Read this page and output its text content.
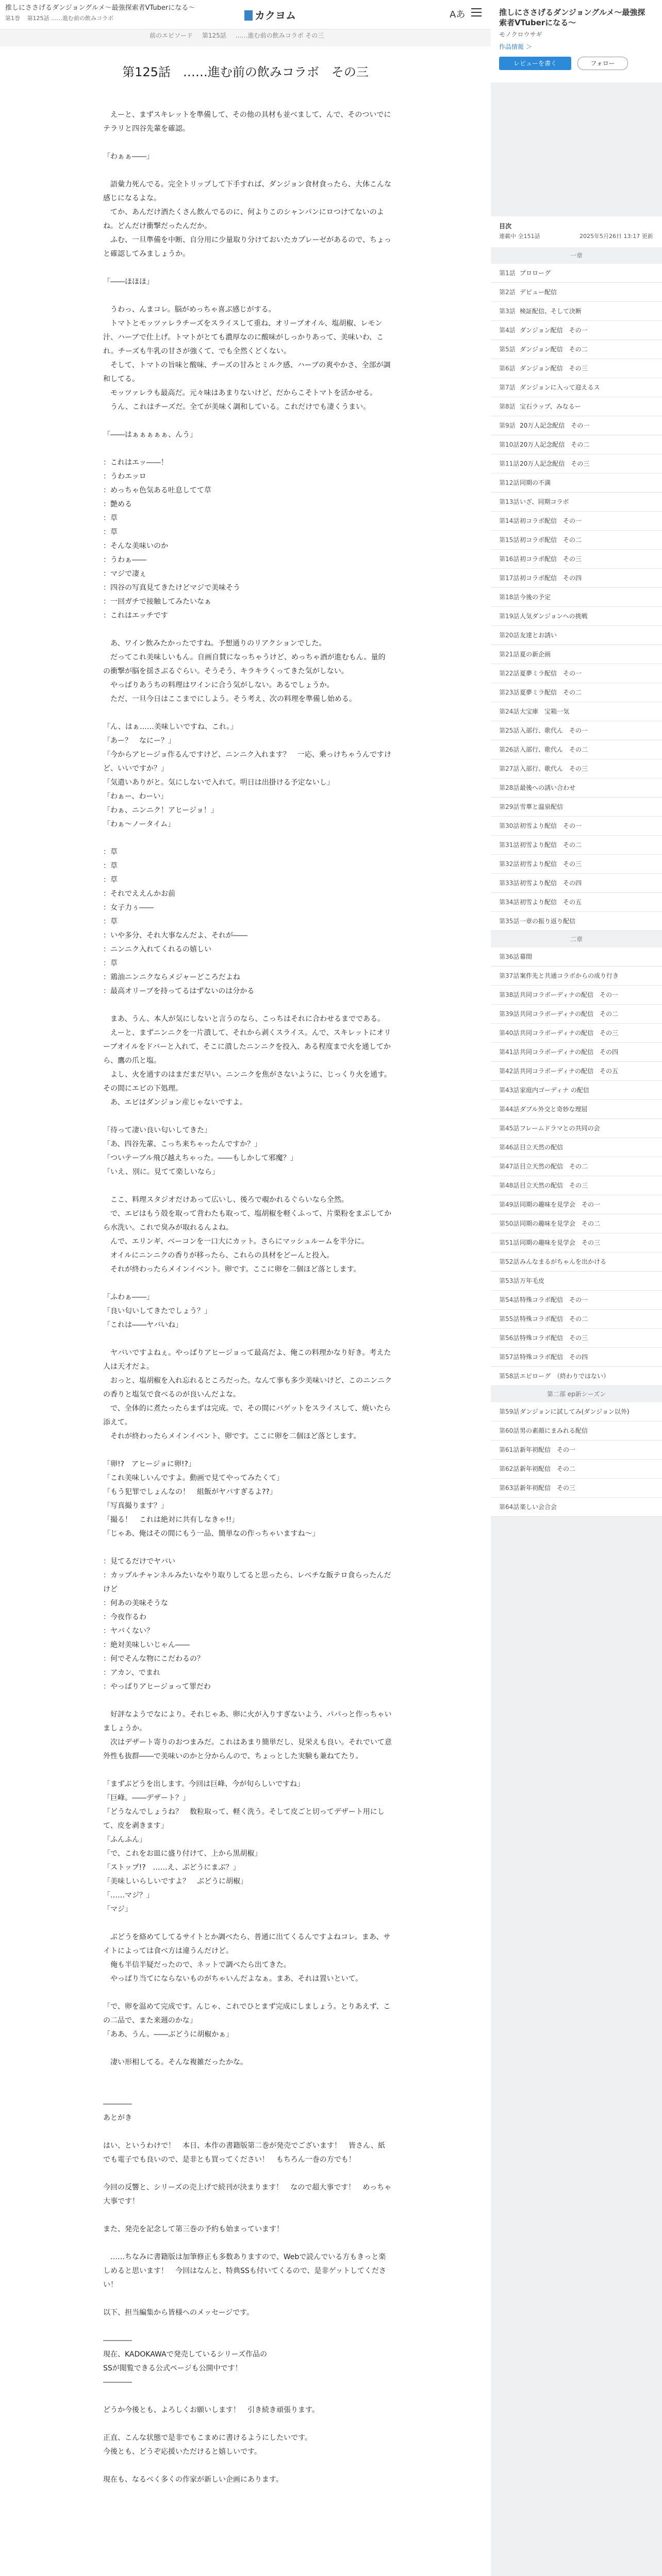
推しにささげるダンジョングルメ～最強探索者VTuberになる～
第1巻 第125話 ……進む前の飲みコラボ	カクヨム	Aあ
前のエピソード 第125話 ……進む前の飲みコラボ その三
第125話　……進む前の飲みコラボ　その三

　えーと、まずスキレットを準備して、その他の具材も並べまして、んで、そのついでにテラリと四谷先輩を確認。

「わぁぁ――」

　語彙力死んでる。完全トリップして下手すれば、ダンジョン食材食ったら、大体こんな感じになるよな。

　てか、あんだけ酒たくさん飲んでるのに、何よりこのシャンパンにロつけてないのよね。どんだけ衝撃だったんだか。

　ふむ、一旦準備を中断、自分用に少量取り分けておいたカプレーゼがあるので、ちょっと確認してみましょうか。

「――ほほほ」

　うわっ、んまコレ。脳がめっちゃ喜ぶ感じがする。

　トマトとモッツァレラチーズをスライスして重ね、オリーブオイル、塩胡椒、レモン汁、ハーブで仕上げ。トマトがとても濃厚なのに酸味がしっかりあって、美味いわ、これ。チーズも牛乳の甘さが強くて、でも全然くどくない。

　そして、トマトの旨味と酸味、チーズの甘みとミルク感、ハーブの爽やかさ、全部が調和してる。

　モッツァレラも最高だ。元々味はあまりないけど、だからこそトマトを活かせる。

　うん、これはチーズだ。全てが美味く調和している。これだけでも凄くうまい。

「――はぁぁぁぁぁ、んう」

：これはエッ――！

：うわエッロ

：めっちゃ色気ある吐息してて草

：艶める

：草

：草

：そんな美味いのか

：うわぁ――

：マジで凄ぇ

：四谷の写真見てきたけどマジで美味そう

：一回ガチで接触してみたいなぁ

：これはエッチです

　あ、ワイン飲みたかったですね。予想通りのリアクションでした。

　だってこれ美味しいもん。自画自賛になっちゃうけど、めっちゃ酒が進むもん。量的の衝撃が脳を揺さぶるぐらい。そうそう、キラキラくってきた気がしない。

　やっぱりあうちの料理はワインに合う気がしない。あるでしょうか。

　ただ、一旦今日はここまでにしよう。そう考え、次の料理を準備し始める。

「ん、はぁ……美味しいですね、これ。」

「あー？　なにー？」

「今からアヒージョ作るんですけど、ニンニク入れます？　一応、乗っけちゃうんですけど、いいですか？」

「気遣いありがと。気にしないで入れて。明日は出掛ける予定ないし」

「わぁー、わーい」

「わぁ、ニンニク！アヒージョ！」

「わぁ〜ノータイム」

：草

：草

：草

：それでええんかお前

：女子力ぅ――

：草

：いや多分、それ大事なんだよ、それが――

：ニンニク入れてくれるの嬉しい

：草

：鶏油ニンニクならメジャーどころだよね

：最高オリーブを持ってるはずないのは分かる

　まあ、うん、本人が気にしないと言うのなら、こっちはそれに合わせるまでである。

　えーと、まずニンニクを一片潰して、それから剥くスライス。んで、スキレットにオリーブオイルをドバーと入れて、そこに潰したニンニクを投入、ある程度まで火を通してから、鷹の爪と塩。

　よし、火を通すのはまだまだ早い。ニンニクを焦がさないように、じっくり火を通す。その間にエビの下処理。

　あ、エビはダンジョン産じゃないですよ。

「待って凄い良い匂いしてきた」

「あ、四谷先輩、こっち来ちゃったんですか？」

「ついテーブル飛び越えちゃった。――もしかして邪魔？」

「いえ、別に。見てて楽しいなら」

　ここ、料理スタジオだけあって広いし、後ろで覗かれるぐらいなら全然。

　で、エビはもう殻を取って背わたも取って、塩胡椒を軽くふって、片栗粉をまぶしてから水洗い。これで臭みが取れるんよね。

　んで、エリンギ、ベーコンを一口大にカット。さらにマッシュルームを半分に。

　オイルにニンニクの香りが移ったら、これらの具材をどーんと投入。

　それが終わったらメインイベント。卵です。ここに卵を二個ほど落とします。

「ふわぁ――」

「良い匂いしてきたでしょう？」

「これは――ヤバいね」

　ヤバいですよねぇ。やっぱりアヒージョって最高だよ、俺この料理かなり好き。考えた人は天才だよ。

　おっと、塩胡椒を入れ忘れるところだった。なんて事も多少美味いけど、このニンニクの香りと塩気で食べるのが良いんだよな。

　で、全体的に煮たったらまずは完成。で、その間にバゲットをスライスして、焼いたら添えて。

　それが終わったらメインイベント、卵です。ここに卵を二個ほど落とします。

「卵!?　アヒージョに卵!?」

「これ美味しいんですよ。動画で見てやってみたくて」

「もう犯罪でしょんなの！　組飯がヤバすぎるよ??」

「写真撮ります？」

「撮る！　これは絶対に共有しなきゃ!!」

「じゃあ、俺はその間にもう一品、簡単なの作っちゃいますね〜」

：見てるだけでヤバい

：カップルチャンネルみたいなやり取りしてると思ったら、レベチな飯テロ食らったんだけど

：何あの美味そうな

：今夜作るわ

：ヤバくない？

：絶対美味しいじゃん――

：何でそんな物にこだわるの？

：アカン、でまれ

：やっぱりアヒージョって罪だわ

　好評なようでなにより。それじゃあ、卵に火が入りすぎないよう、パパっと作っちゃいましょうか。

　次はデザート寄りのおつまみだ。これはあまり簡単だし、見栄えも良い。それでいて意外性も抜群――で美味いのかと分からんので、ちょっとした実験も兼ねてたり。

「まずぶどうを出します。今回は巨峰、今が旬らしいですね」

「巨峰。――デザート？」

「どうなんでしょうね？　数粒取って、軽く洗う。そして皮ごと切ってデザート用にして、皮を剥きます」

「ふんふん」

「で、これをお皿に盛り付けて、上から黒胡椒」

「ストップ!?　……え、ぶどうにまぶ？」

「美味しいらしいですよ？　ぶどうに胡椒」

「……マジ？」

「マジ」

　ぶどうを絡めてしてるサイトとか調べたら、普通に出てくるんですよねコレ。まあ、サイトによっては食べ方は違うんだけど。

　俺も半信半疑だったので、ネットで調べたら出てきた。

　やっぱり当てにならないものがちゃいんだよなぁ。まあ、それは置いといて。

「で、卵を温めて完成です。んじゃ、これでひとまず完成にしましょう。とりあえず、この二品で、また来週のかな」

「ああ、うん。――ぶどうに胡椒かぁ」

　凄い形相してる。そんな複雑だったかな。

――――

あとがき

はい、というわけで！　本日、本作の書籍版第二巻が発売でございます！　皆さん、紙でも電子でも良いので、是非とも買ってください！　もちろん一巻の方でも！

今回の反響と、シリーズの売上げで続刊が決まります！　なので超大事です！　めっちゃ大事です！

また、発売を記念して第三巻の予約も始まっています！

　……ちなみに書籍版は加筆修正も多数ありますので、Webで読んでいる方もきっと楽しめると思います！　今回はなんと、特典SSも付いてくるので、是非ゲットしてください！

以下、担当編集から皆様へのメッセージです。

――――

現在、KADOKAWAで発売しているシリーズ作品の

SSが閲覧できる公式ページも公開中です！

――――

どうか今後とも、よろしくお願いします！　引き続き頑張ります。

正直、こんな状態で是非でもこまめに書けるようにしたいです。

今後とも、どうぞ応援いただけると嬉しいです。

現在も、なるべく多くの作家が新しい企画にあります。

推しにささげるダンジョングルメ～最強探索者VTuberになる～
モノクロウサギ
作品情報 ＞
レビューを書く	フォロー
目次
連載中 全151話	2025年5月26日 13:17 更新
一章
第1話 プロローグ
第2話 デビュー配信
第3話 検証配信、そして決断
第4話 ダンジョン配信　その一
第5話 ダンジョン配信　その二
第6話 ダンジョン配信　その三
第7話 ダンジョンに入って迎えるス
第8話 宝石ラップ、みなるー
第9話 20万人記念配信　その一
第10話20万人記念配信　その二
第11話20万人記念配信　その三
第12話同期の不満
第13話いざ、同期コラボ
第14話初コラボ配信　その一
第15話初コラボ配信　その二
第16話初コラボ配信　その三
第17話初コラボ配信　その四
第18話今後の予定
第19話人気ダンジョンへの挑戦
第20話友達とお誘い
第21話夏の新企画
第22話夏夢ミラ配信　その一
第23話夏夢ミラ配信　その二
第24話大宝庫　宝箱一気
第25話入部行、歌代ん　その一
第26話入部行、歌代ん　その二
第27話入部行、歌代ん　その三
第28話最後への誘い合わせ
第29話雪華と温泉配信
第30話初雪より配信　その一
第31話初雪より配信　その二
第32話初雪より配信　その三
第33話初雪より配信　その四
第34話初雪より配信　その五
第35話一章の振り返り配信
二章
第36話幕間
第37話案件先と共通コラボからの成り行き
第38話共同コラボーディナの配信　その一
第39話共同コラボーディナの配信　その二
第40話共同コラボーディナの配信　その三
第41話共同コラボーディナの配信　その四
第42話共同コラボーディナの配信　その五
第43話家庭内ゴーディナ の配信
第44話ダブル外交と奇妙な理屈
第45話フレームドラマとの共同の会
第46話目立天然の配信
第47話目立天然の配信　その二
第48話目立天然の配信　その三
第49話同期の趣味を見学会　その一
第50話同期の趣味を見学会　その二
第51話同期の趣味を見学会　その三
第52話みんなまるがちゃんを出かける
第53話万年毛皮
第54話特殊コラボ配信　その一
第55話特殊コラボ配信　その二
第56話特殊コラボ配信　その三
第57話特殊コラボ配信　その四
第58話エピローグ　（終わりではない）
第二部 ep新シーズン
第59話ダンジョンに試してみ(ダンジョン以外)
第60話男の素顔にまみれる配信
第61話新年初配信　その一
第62話新年初配信　その二
第63話新年初配信　その三
第64話楽しい会合会
